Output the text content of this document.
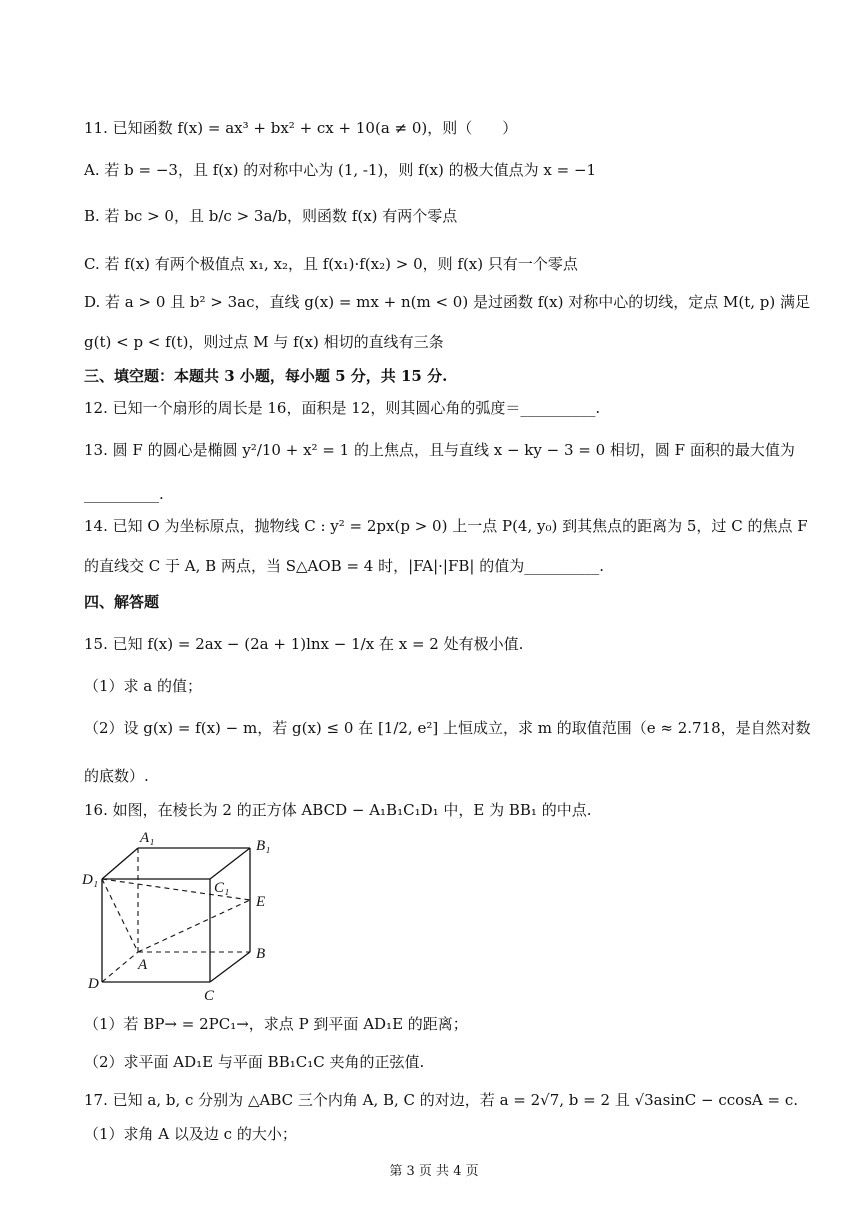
11. 已知函数 f(x) = ax³ + bx² + cx + 10(a ≠ 0)，则（　　）
A. 若 b = −3，且 f(x) 的对称中心为 (1, -1)，则 f(x) 的极大值点为 x = −1
B. 若 bc > 0，且 b/c > 3a/b，则函数 f(x) 有两个零点
C. 若 f(x) 有两个极值点 x₁, x₂，且 f(x₁)·f(x₂) > 0，则 f(x) 只有一个零点
D. 若 a > 0 且 b² > 3ac，直线 g(x) = mx + n(m < 0) 是过函数 f(x) 对称中心的切线，定点 M(t, p) 满足
g(t) < p < f(t)，则过点 M 与 f(x) 相切的直线有三条
三、填空题：本题共 3 小题，每小题 5 分，共 15 分.
12. 已知一个扇形的周长是 16，面积是 12，则其圆心角的弧度＝__________.
13. 圆 F 的圆心是椭圆 y²/10 + x² = 1 的上焦点，且与直线 x − ky − 3 = 0 相切，圆 F 面积的最大值为
__________.
14. 已知 O 为坐标原点，抛物线 C : y² = 2px(p > 0) 上一点 P(4, y₀) 到其焦点的距离为 5，过 C 的焦点 F
的直线交 C 于 A, B 两点，当 S△AOB = 4 时，|FA|·|FB| 的值为__________.
四、解答题
15. 已知 f(x) = 2ax − (2a + 1)lnx − 1/x 在 x = 2 处有极小值.
（1）求 a 的值；
（2）设 g(x) = f(x) − m，若 g(x) ≤ 0 在 [1/2, e²] 上恒成立，求 m 的取值范围（e ≈ 2.718，是自然对数
的底数）.
16. 如图，在棱长为 2 的正方体 ABCD − A₁B₁C₁D₁ 中，E 为 BB₁ 的中点.
（1）若 BP→ = 2PC₁→，求点 P 到平面 AD₁E 的距离；
（2）求平面 AD₁E 与平面 BB₁C₁C 夹角的正弦值.
17. 已知 a, b, c 分别为 △ABC 三个内角 A, B, C 的对边，若 a = 2√7, b = 2 且 √3asinC − ccosA = c.
（1）求角 A 以及边 c 的大小；
A₁	B₁
C₁
D₁
E
B
A
D
C
第 3 页 共 4 页
